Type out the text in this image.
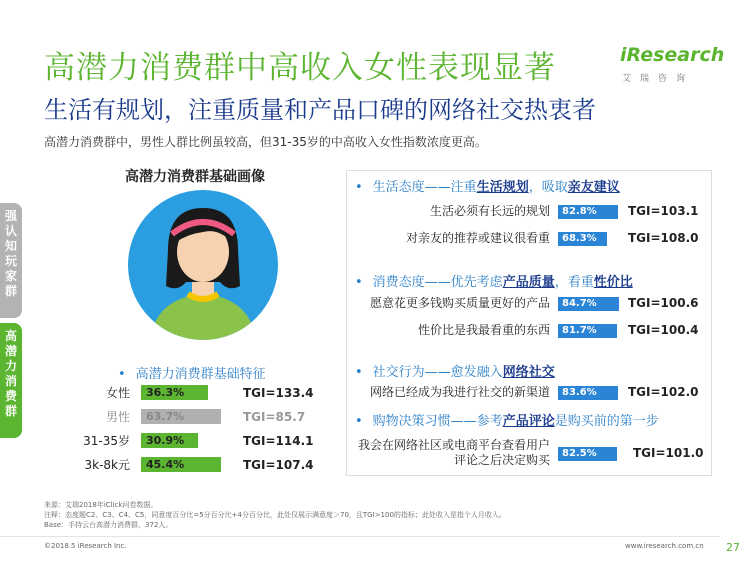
高潜力消费群中高收入女性表现显著
生活有规划，注重质量和产品口碑的网络社交热衷者
高潜力消费群中，男性人群比例虽较高，但31-35岁的中高收入女性指数浓度更高。
iResearch
艾瑞咨询
强认知玩家群
高潜力消费群
高潜力消费群基础画像
• 高潜力消费群基础特征
来源：艾瑞2018年iClick问卷数据。
注释：态度题C2、C3、C4、C5，同意度百分比=5分百分比+4分百分比，此处仅展示满意度＞70，且TGI>100的指标；此处收入是指个人月收入。
Base：手持云台高潜力消费群，372人。
©2018.5 iResearch Inc.	www.iresearch.com.cn 27
女性	36.3%	TGI=133.4
男性	63.7%	TGI=85.7
31-35岁	30.9%	TGI=114.1
3k-8k元	45.4%	TGI=107.4
• 生活态度——注重生活规划，吸取亲友建议
生活必须有长远的规划	82.8%	TGI=103.1
对亲友的推荐或建议很看重	68.3%	TGI=108.0
• 消费态度——优先考虑产品质量，看重性价比
愿意花更多钱购买质量更好的产品	84.7%	TGI=100.6
性价比是我最看重的东西	81.7%	TGI=100.4
• 社交行为——愈发融入网络社交
网络已经成为我进行社交的新渠道	83.6%	TGI=102.0
• 购物决策习惯——参考产品评论是购买前的第一步
我会在网络社区或电商平台查看用户评论之后决定购买	82.5%	TGI=101.0
